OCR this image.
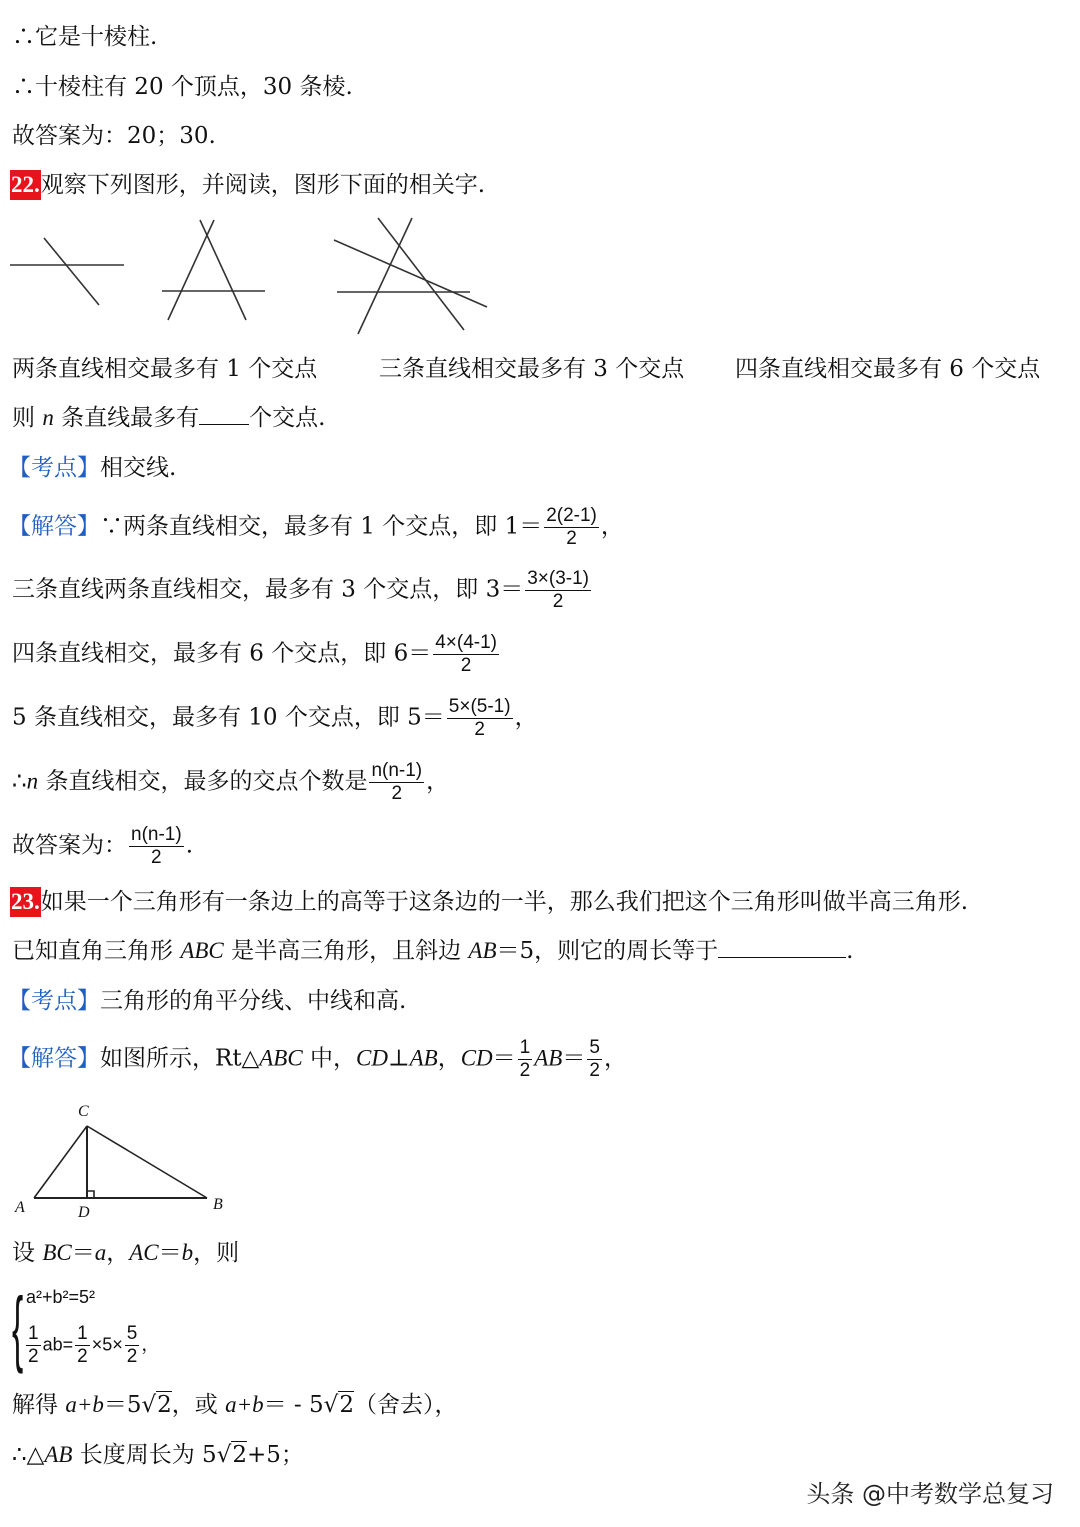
∴它是十棱柱.
∴十棱柱有 20 个顶点，30 条棱.
故答案为：20；30.
22.观察下列图形，并阅读，图形下面的相关字.
两条直线相交最多有 1 个交点	三条直线相交最多有 3 个交点 四条直线相交最多有 6 个交点
则 n 条直线最多有 个交点.
【考点】相交线.
【解答】∵两条直线相交，最多有 1 个交点，即 $1= \frac{2(2-1)}{2}$ ，
三条直线两条直线相交，最多有 3 个交点，即 $3= \frac{3\times(3-1)}{2}$
四条直线相交，最多有 6 个交点，即 $6= \frac{4\times(4-1)}{2}$
5 条直线相交，最多有 10 个交点，即 $5= \frac{5\times(5-1)}{2}$ ，
∴n 条直线相交，最多的交点个数是 $\frac{n(n-1)}{2}$ ，
故答案为： $\frac{n(n-1)}{2}$ .
23.如果一个三角形有一条边上的高等于这条边的一半，那么我们把这个三角形叫做半高三角形.
已知直角三角形 ABC 是半高三角形，且斜边 AB＝5，则它的周长等于	.
【考点】三角形的角平分线、中线和高.
【解答】如图所示，Rt△ABC 中，CD⊥AB，$CD= \frac{1}{2} AB= \frac{5}{2}$ ，
C
A	D	B
设 BC＝a，AC＝b，则
{ a²+b²=5²
$\frac{1}{2} ab= \frac{1}{2} \times 5\times \frac{5}{2}$ ，
解得 a+b＝5√2，或 a+b＝ - 5√2（舍去），
∴△AB 长度周长为 5√2+5；
头条 @中考数学总复习
